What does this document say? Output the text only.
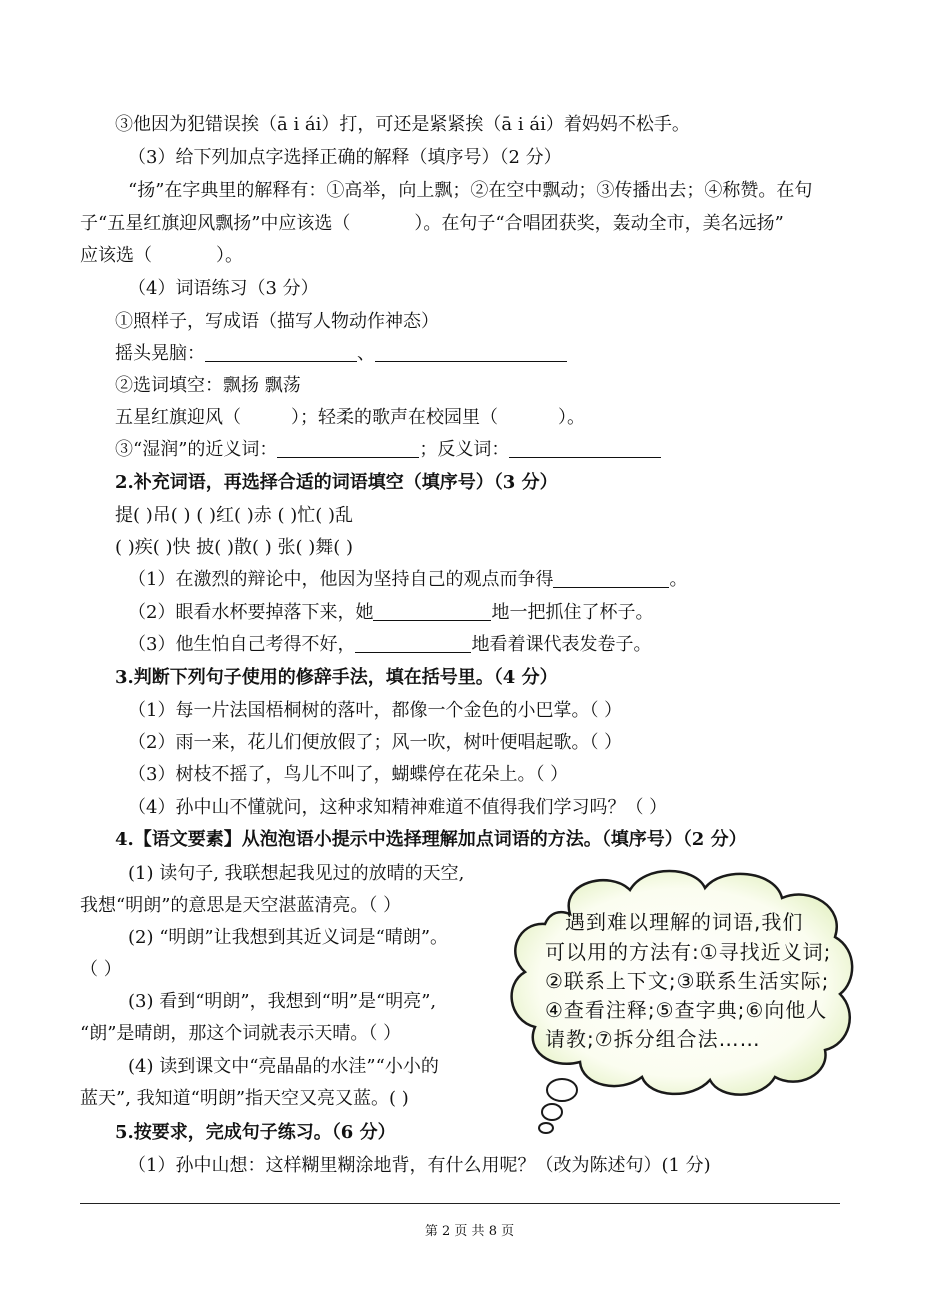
③他因为犯错误挨（ā i ái）打，可还是紧紧挨（ā i ái）着妈妈不松手。
（3）给下列加点字选择正确的解释（填序号）（2 分）
“扬”在字典里的解释有：①高举，向上飘；②在空中飘动；③传播出去；④称赞。在句
子“五星红旗迎风飘扬”中应该选（	）。在句子“合唱团获奖，轰动全市，美名远扬”
应该选（	）。
（4）词语练习（3 分）
①照样子，写成语（描写人物动作神态）
摇头晃脑：	、
②选词填空：飘扬 飘荡
五星红旗迎风（	）；轻柔的歌声在校园里（	）。
③“湿润”的近义词：	；反义词：
2.补充词语，再选择合适的词语填空（填序号）（3 分）
提( )吊( ) ( )红( )赤 ( )忙( )乱
( )疾( )快 披( )散( ) 张( )舞( )
（1）在激烈的辩论中，他因为坚持自己的观点而争得	。
（2）眼看水杯要掉落下来，她	地一把抓住了杯子。
（3）他生怕自己考得不好，	地看着课代表发卷子。
3.判断下列句子使用的修辞手法，填在括号里。（4 分）
（1）每一片法国梧桐树的落叶，都像一个金色的小巴掌。（ ）
（2）雨一来，花儿们便放假了；风一吹，树叶便唱起歌。（ ）
（3）树枝不摇了，鸟儿不叫了，蝴蝶停在花朵上。（ ）
（4）孙中山不懂就问，这种求知精神难道不值得我们学习吗？（ ）
4.【语文要素】从泡泡语小提示中选择理解加点词语的方法。（填序号）（2 分）
(1) 读句子, 我联想起我见过的放晴的天空,
我想“明朗”的意思是天空湛蓝清亮。（ ）
(2) “明朗”让我想到其近义词是“晴朗”。
（ ）
(3) 看到“明朗”，我想到“明”是“明亮”,
“朗”是晴朗，那这个词就表示天晴。（ ）
(4) 读到课文中“亮晶晶的水洼”“小小的
蓝天”, 我知道“明朗”指天空又亮又蓝。( )
遇到难以理解的词语,我们
可以用的方法有:①寻找近义词;
②联系上下文;③联系生活实际;
④查看注释;⑤查字典;⑥向他人
请教;⑦拆分组合法……
5.按要求，完成句子练习。（6 分）
（1）孙中山想：这样糊里糊涂地背，有什么用呢？（改为陈述句）(1 分)
第 2 页 共 8 页
